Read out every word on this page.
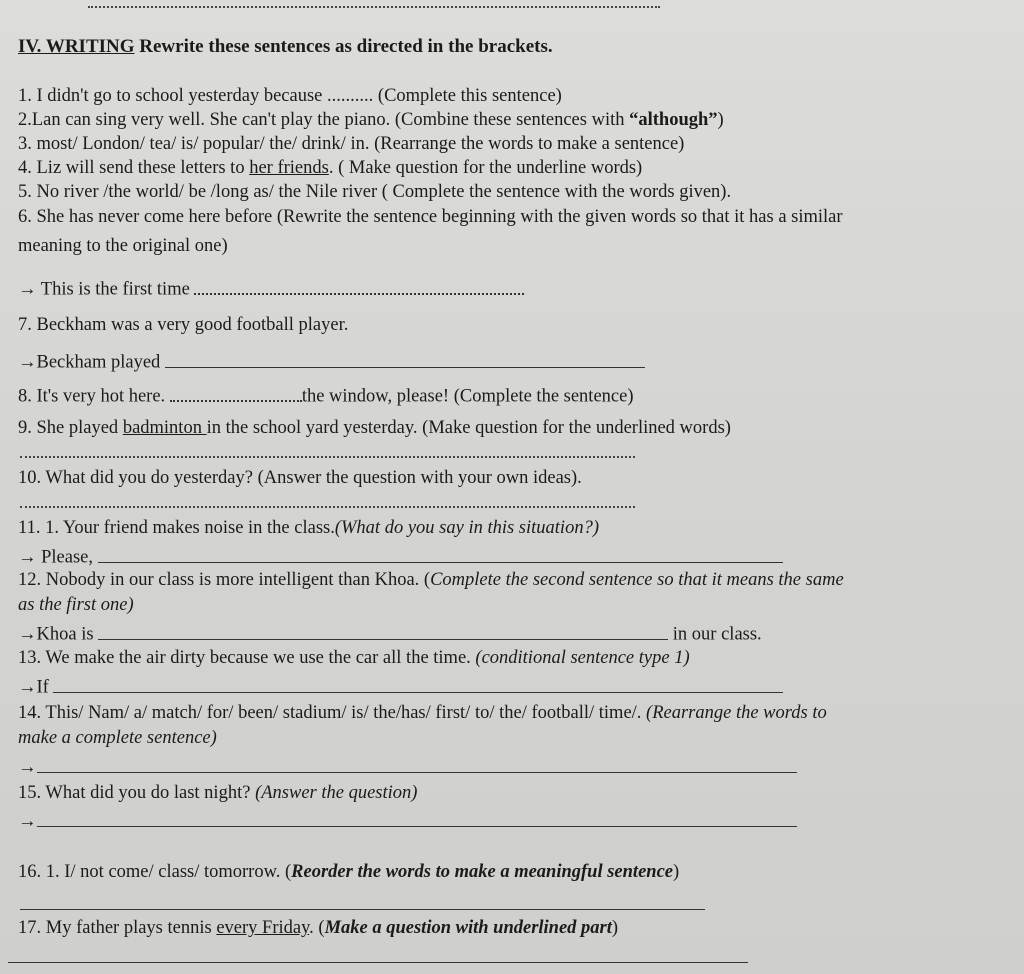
IV. WRITING Rewrite these sentences as directed in the brackets.
1. I didn't go to school yesterday because .......... (Complete this sentence)
2.Lan can sing very well. She can't play the piano. (Combine these sentences with “although”)
3. most/ London/ tea/ is/ popular/ the/ drink/ in. (Rearrange the words to make a sentence)
4. Liz will send these letters to her friends. ( Make question for the underline words)
5. No river /the world/ be /long as/ the Nile river ( Complete the sentence with the words given).
6. She has never come here before (Rewrite the sentence beginning with the given words so that it has a similar
meaning to the original one)
→ This is the first time
7. Beckham was a very good football player.
→Beckham played
8. It's very hot here.	the window, please! (Complete the sentence)
9. She played badminton in the school yard yesterday. (Make question for the underlined words)
10. What did you do yesterday? (Answer the question with your own ideas).
11. 1. Your friend makes noise in the class.(What do you say in this situation?)
→ Please,
12. Nobody in our class is more intelligent than Khoa. (Complete the second sentence so that it means the same
as the first one)
→Khoa is	in our class.
13. We make the air dirty because we use the car all the time. (conditional sentence type 1)
→If
14. This/ Nam/ a/ match/ for/ been/ stadium/ is/ the/has/ first/ to/ the/ football/ time/. (Rearrange the words to
make a complete sentence)
→
15. What did you do last night? (Answer the question)
→
16. 1. I/ not come/ class/ tomorrow. (Reorder the words to make a meaningful sentence)
17. My father plays tennis every Friday. (Make a question with underlined part)
